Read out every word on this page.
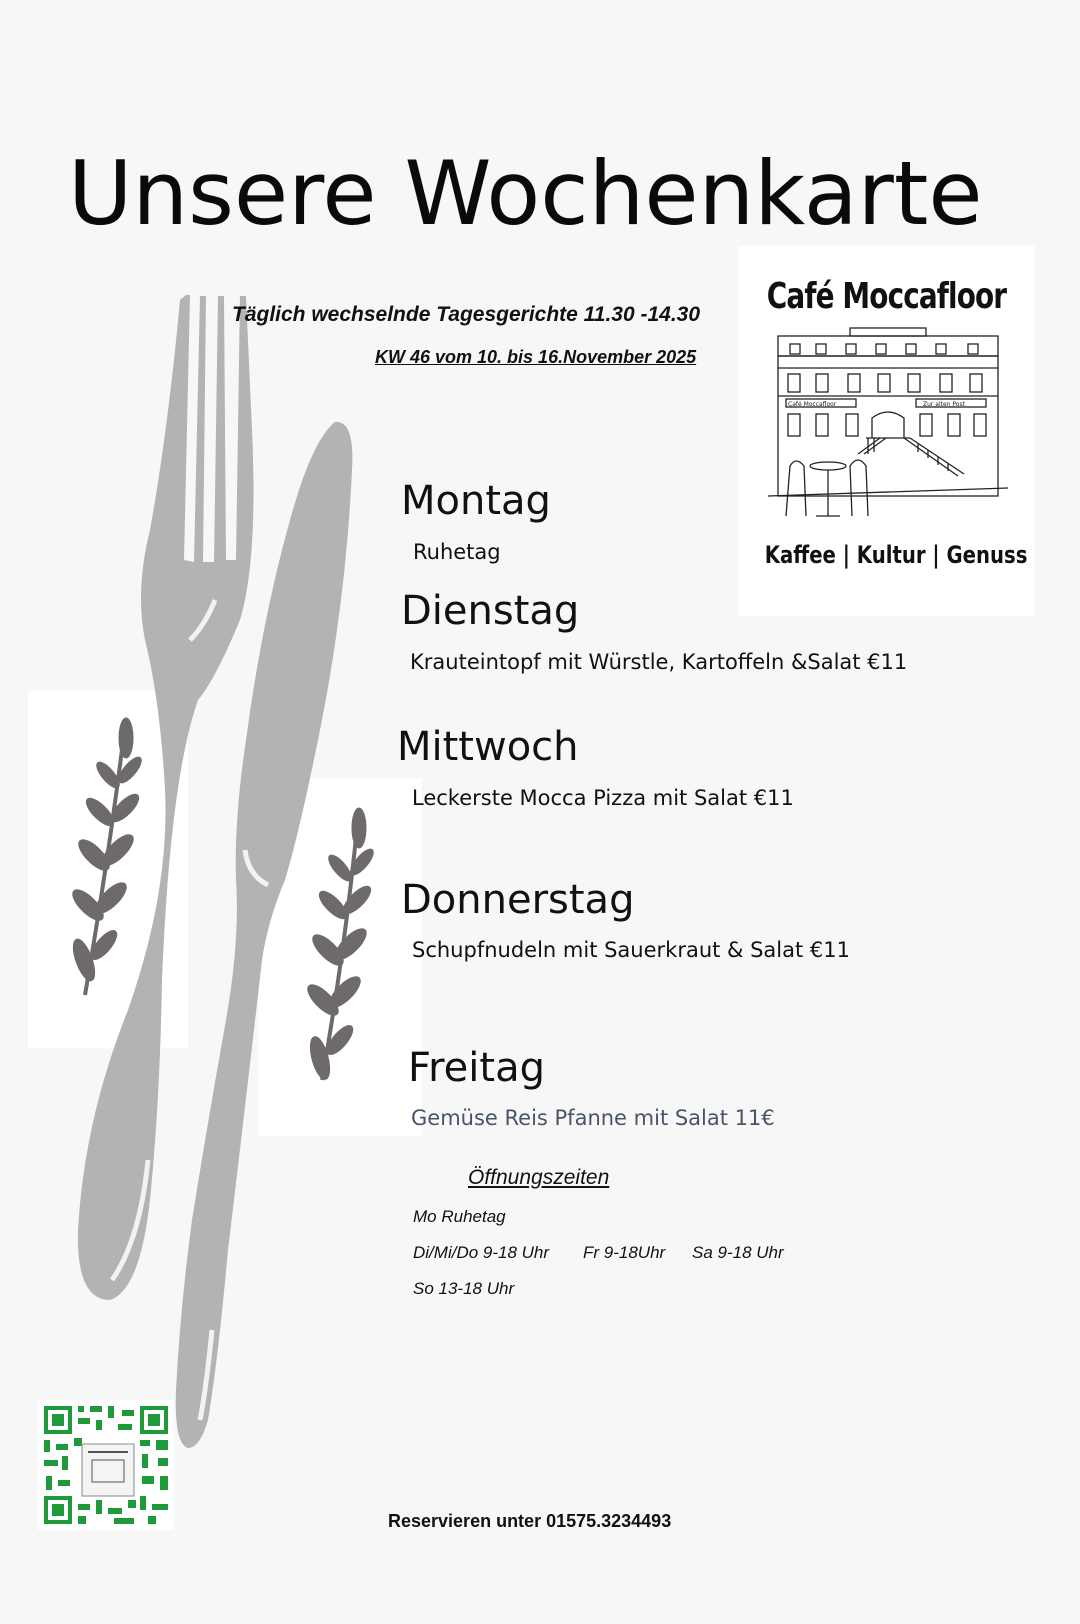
Unsere Wochenkarte
Täglich wechselnde Tagesgerichte 11.30 -14.30
KW 46 vom 10. bis 16.November 2025
Café Moccafloor
Café Moccafloor	Zur alten Post
Kaffee | Kultur | Genuss
Montag
Ruhetag
Dienstag
Krauteintopf mit Würstle, Kartoffeln &Salat €11
Mittwoch
Leckerste Mocca Pizza mit Salat €11
Donnerstag
Schupfnudeln mit Sauerkraut & Salat €11
Freitag
Gemüse Reis Pfanne mit Salat 11€
Öffnungszeiten
Mo Ruhetag
Di/Mi/Do 9-18 Uhr Fr 9-18Uhr Sa 9-18 Uhr
So 13-18 Uhr
Reservieren unter 01575.3234493
